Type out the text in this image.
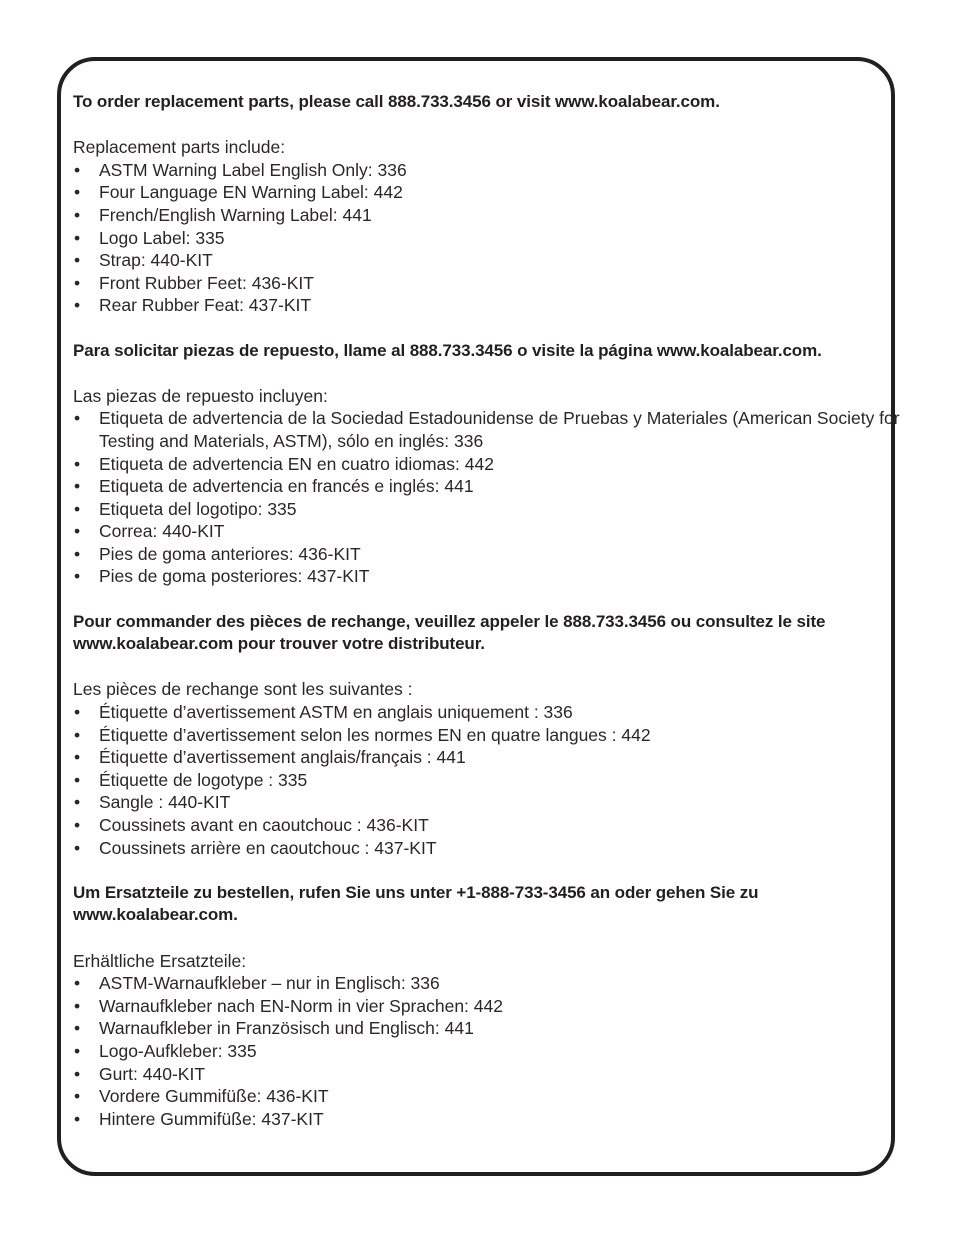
To order replacement parts, please call 888.733.3456 or visit www.koalabear.com.

Replacement parts include:

• ASTM Warning Label English Only: 336
• Four Language EN Warning Label: 442
• French/English Warning Label: 441
• Logo Label: 335
• Strap: 440-KIT
• Front Rubber Feet: 436-KIT
• Rear Rubber Feat: 437-KIT

Para solicitar piezas de repuesto, llame al 888.733.3456 o visite la página www.koalabear.com.

Las piezas de repuesto incluyen:

• Etiqueta de advertencia de la Sociedad Estadounidense de Pruebas y Materiales (American Society for Testing and Materials, ASTM), sólo en inglés: 336
• Etiqueta de advertencia EN en cuatro idiomas: 442
• Etiqueta de advertencia en francés e inglés: 441
• Etiqueta del logotipo: 335
• Correa: 440-KIT
• Pies de goma anteriores: 436-KIT
• Pies de goma posteriores: 437-KIT

Pour commander des pièces de rechange, veuillez appeler le 888.733.3456 ou consultez le site www.koalabear.com pour trouver votre distributeur.

Les pièces de rechange sont les suivantes :

• Étiquette d’avertissement ASTM en anglais uniquement : 336
• Étiquette d’avertissement selon les normes EN en quatre langues : 442
• Étiquette d’avertissement anglais/français : 441
• Étiquette de logotype : 335
• Sangle : 440-KIT
• Coussinets avant en caoutchouc : 436-KIT
• Coussinets arrière en caoutchouc : 437-KIT

Um Ersatzteile zu bestellen, rufen Sie uns unter +1-888-733-3456 an oder gehen Sie zu www.koalabear.com.

Erhältliche Ersatzteile:

• ASTM-Warnaufkleber – nur in Englisch: 336
• Warnaufkleber nach EN-Norm in vier Sprachen: 442
• Warnaufkleber in Französisch und Englisch: 441
• Logo-Aufkleber: 335
• Gurt: 440-KIT
• Vordere Gummifüße: 436-KIT
• Hintere Gummifüße: 437-KIT
